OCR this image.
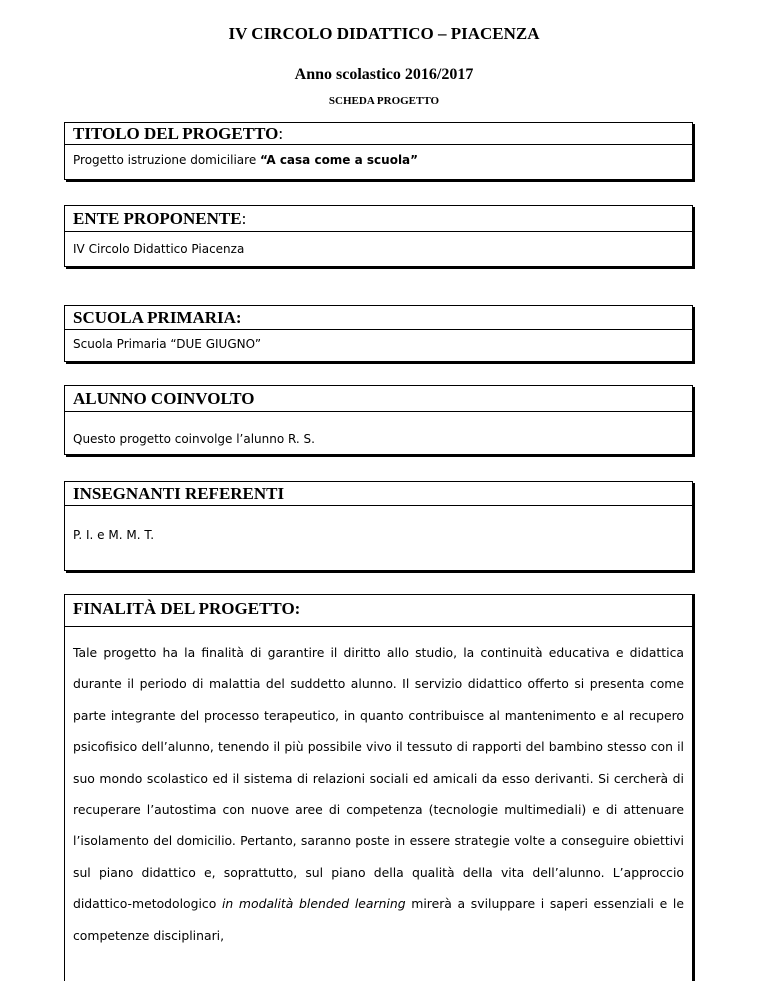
IV CIRCOLO DIDATTICO – PIACENZA
Anno scolastico 2016/2017
SCHEDA PROGETTO
TITOLO DEL PROGETTO:
Progetto istruzione domiciliare “A casa come a scuola”
ENTE PROPONENTE:
IV Circolo Didattico Piacenza
SCUOLA PRIMARIA:
Scuola Primaria “DUE GIUGNO”
ALUNNO COINVOLTO
Questo progetto coinvolge l’alunno R. S.
INSEGNANTI REFERENTI
P. I. e M. M. T.
FINALITÀ DEL PROGETTO:

Tale progetto ha la finalità di garantire il diritto allo studio, la continuità educativa e didattica durante il periodo di malattia del suddetto alunno. Il servizio didattico offerto si presenta come parte integrante del processo terapeutico, in quanto contribuisce al mantenimento e al recupero psicofisico dell’alunno, tenendo il più possibile vivo il tessuto di rapporti del bambino stesso con il suo mondo scolastico ed il sistema di relazioni sociali ed amicali da esso derivanti. Si cercherà di recuperare l’autostima con nuove aree di competenza (tecnologie multimediali) e di attenuare l’isolamento del domicilio. Pertanto, saranno poste in essere strategie volte a conseguire obiettivi sul piano didattico e, soprattutto, sul piano della qualità della vita dell’alunno. L’approccio didattico-metodologico in modalità blended learning mirerà a sviluppare i saperi essenziali e le competenze disciplinari,
